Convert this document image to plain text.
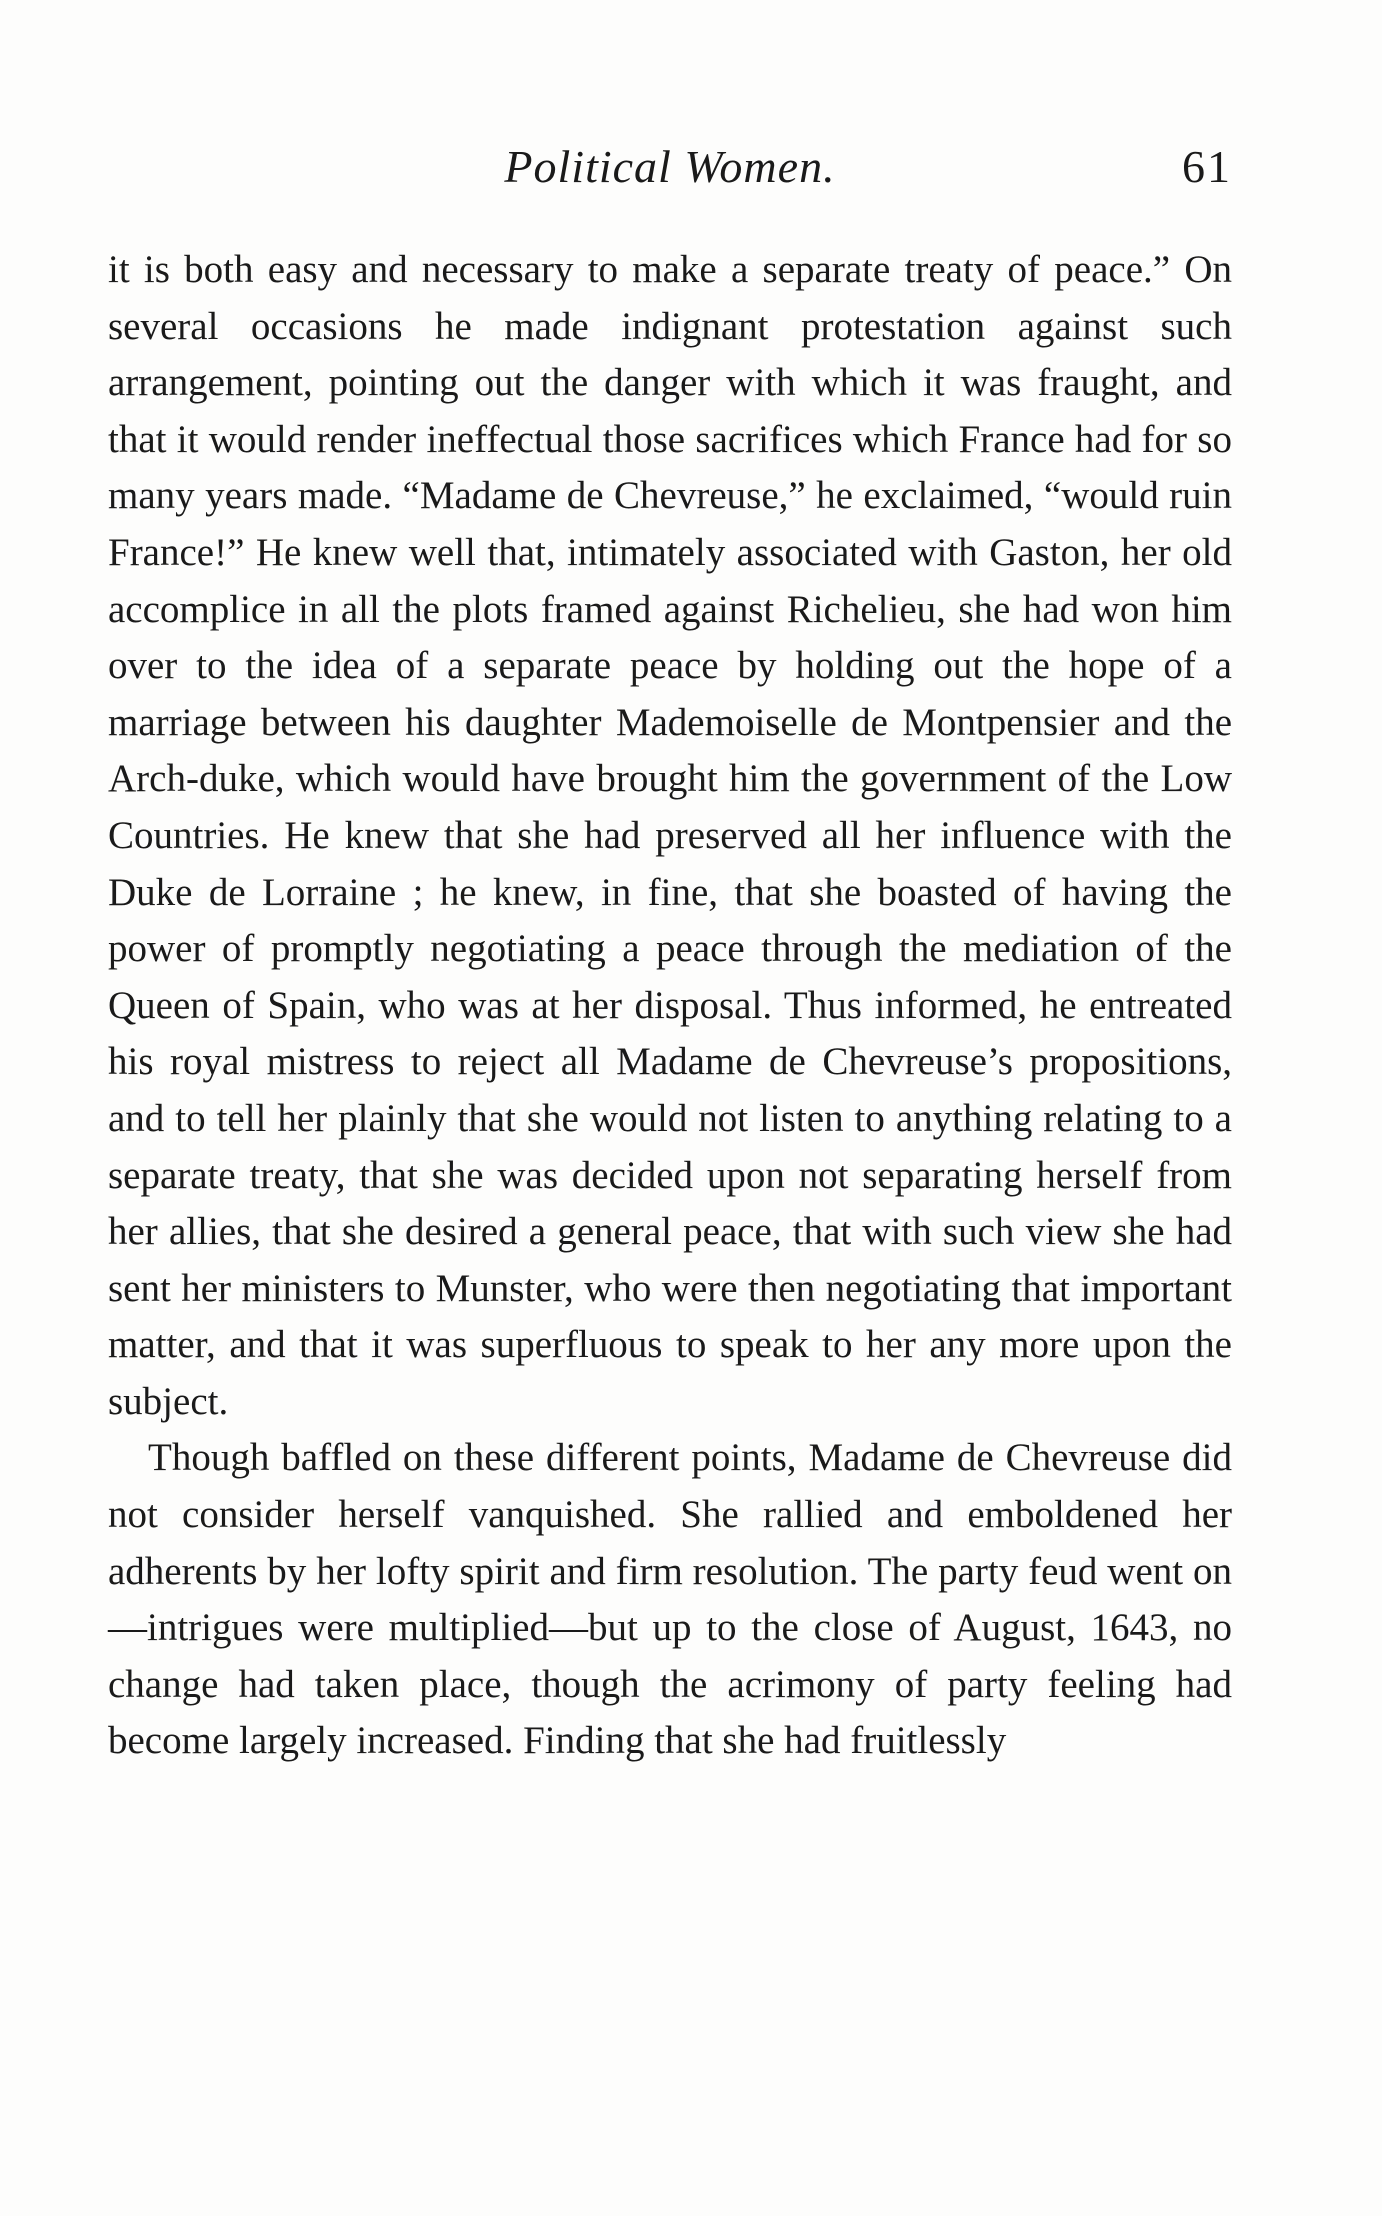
Political Women.	61

it is both easy and necessary to make a separate treaty of peace.” On several occasions he made indignant protestation against such arrangement, pointing out the danger with which it was fraught, and that it would render ineffectual those sacrifices which France had for so many years made. “Madame de Chevreuse,” he exclaimed, “would ruin France!” He knew well that, intimately associated with Gaston, her old accomplice in all the plots framed against Richelieu, she had won him over to the idea of a separate peace by holding out the hope of a marriage between his daughter Mademoiselle de Montpensier and the Arch-duke, which would have brought him the government of the Low Countries. He knew that she had preserved all her influence with the Duke de Lorraine ; he knew, in fine, that she boasted of having the power of promptly negotiating a peace through the mediation of the Queen of Spain, who was at her disposal. Thus informed, he entreated his royal mistress to reject all Madame de Chevreuse’s propositions, and to tell her plainly that she would not listen to anything relating to a separate treaty, that she was decided upon not separating herself from her allies, that she desired a general peace, that with such view she had sent her ministers to Munster, who were then negotiating that important matter, and that it was superfluous to speak to her any more upon the subject.

Though baffled on these different points, Madame de Chevreuse did not consider herself vanquished. She rallied and emboldened her adherents by her lofty spirit and firm resolution. The party feud went on—intrigues were multiplied—but up to the close of August, 1643, no change had taken place, though the acrimony of party feeling had become largely increased. Finding that she had fruitlessly
